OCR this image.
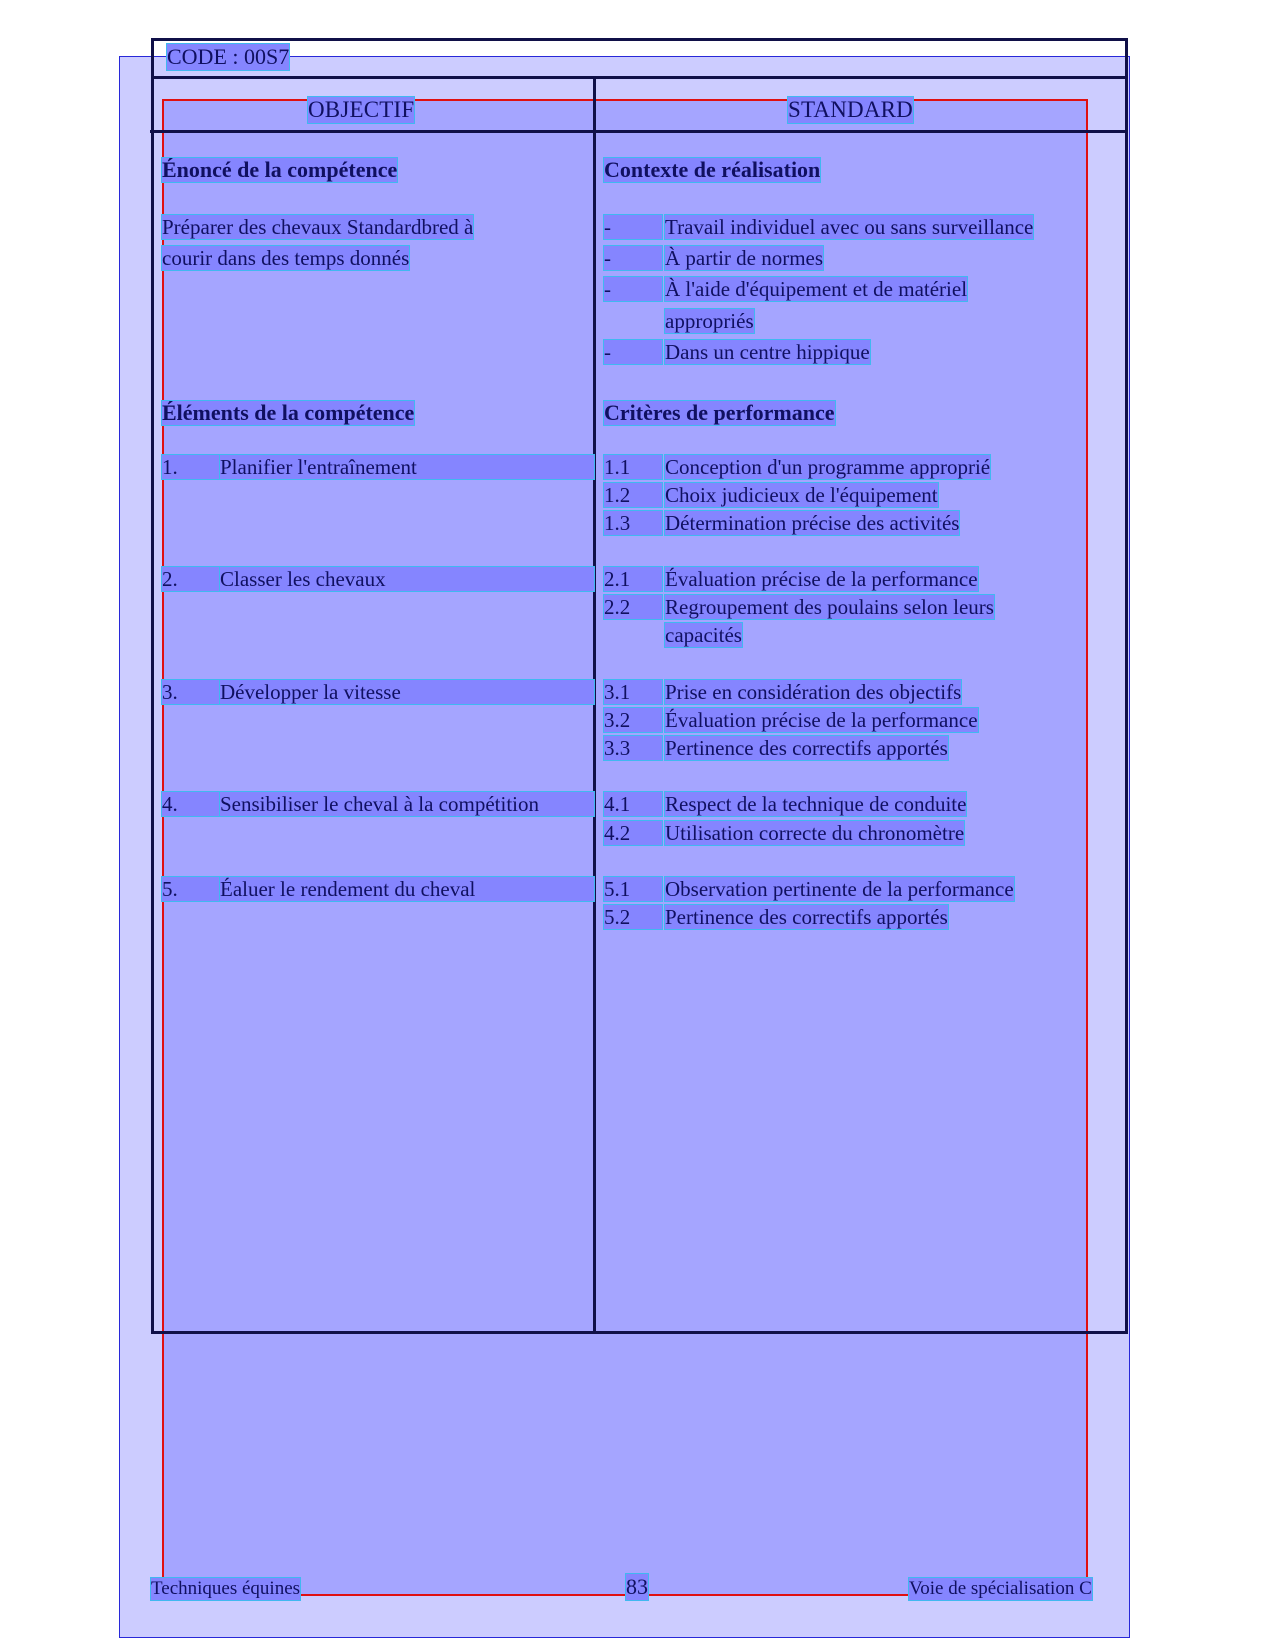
CODE : 00S7
OBJECTIF	STANDARD
Énoncé de la compétence	Contexte de réalisation
Préparer des chevaux Standardbred à
courir dans des temps donnés
-	Travail individuel avec ou sans surveillance
-	À partir de normes
-	À l'aide d'équipement et de matériel
appropriés
-	Dans un centre hippique
Éléments de la compétence	Critères de performance
1.	Planifier l'entraînement	1.1	Conception d'un programme approprié
1.2	Choix judicieux de l'équipement
1.3	Détermination précise des activités
2.	Classer les chevaux	2.1	Évaluation précise de la performance
2.2	Regroupement des poulains selon leurs
capacités
3.	Développer la vitesse	3.1	Prise en considération des objectifs
3.2	Évaluation précise de la performance
3.3	Pertinence des correctifs apportés
4.	Sensibiliser le cheval à la compétition	4.1	Respect de la technique de conduite
4.2	Utilisation correcte du chronomètre
5.	Éaluer le rendement du cheval	5.1	Observation pertinente de la performance
5.2	Pertinence des correctifs apportés
Techniques équines	83	Voie de spécialisation C
